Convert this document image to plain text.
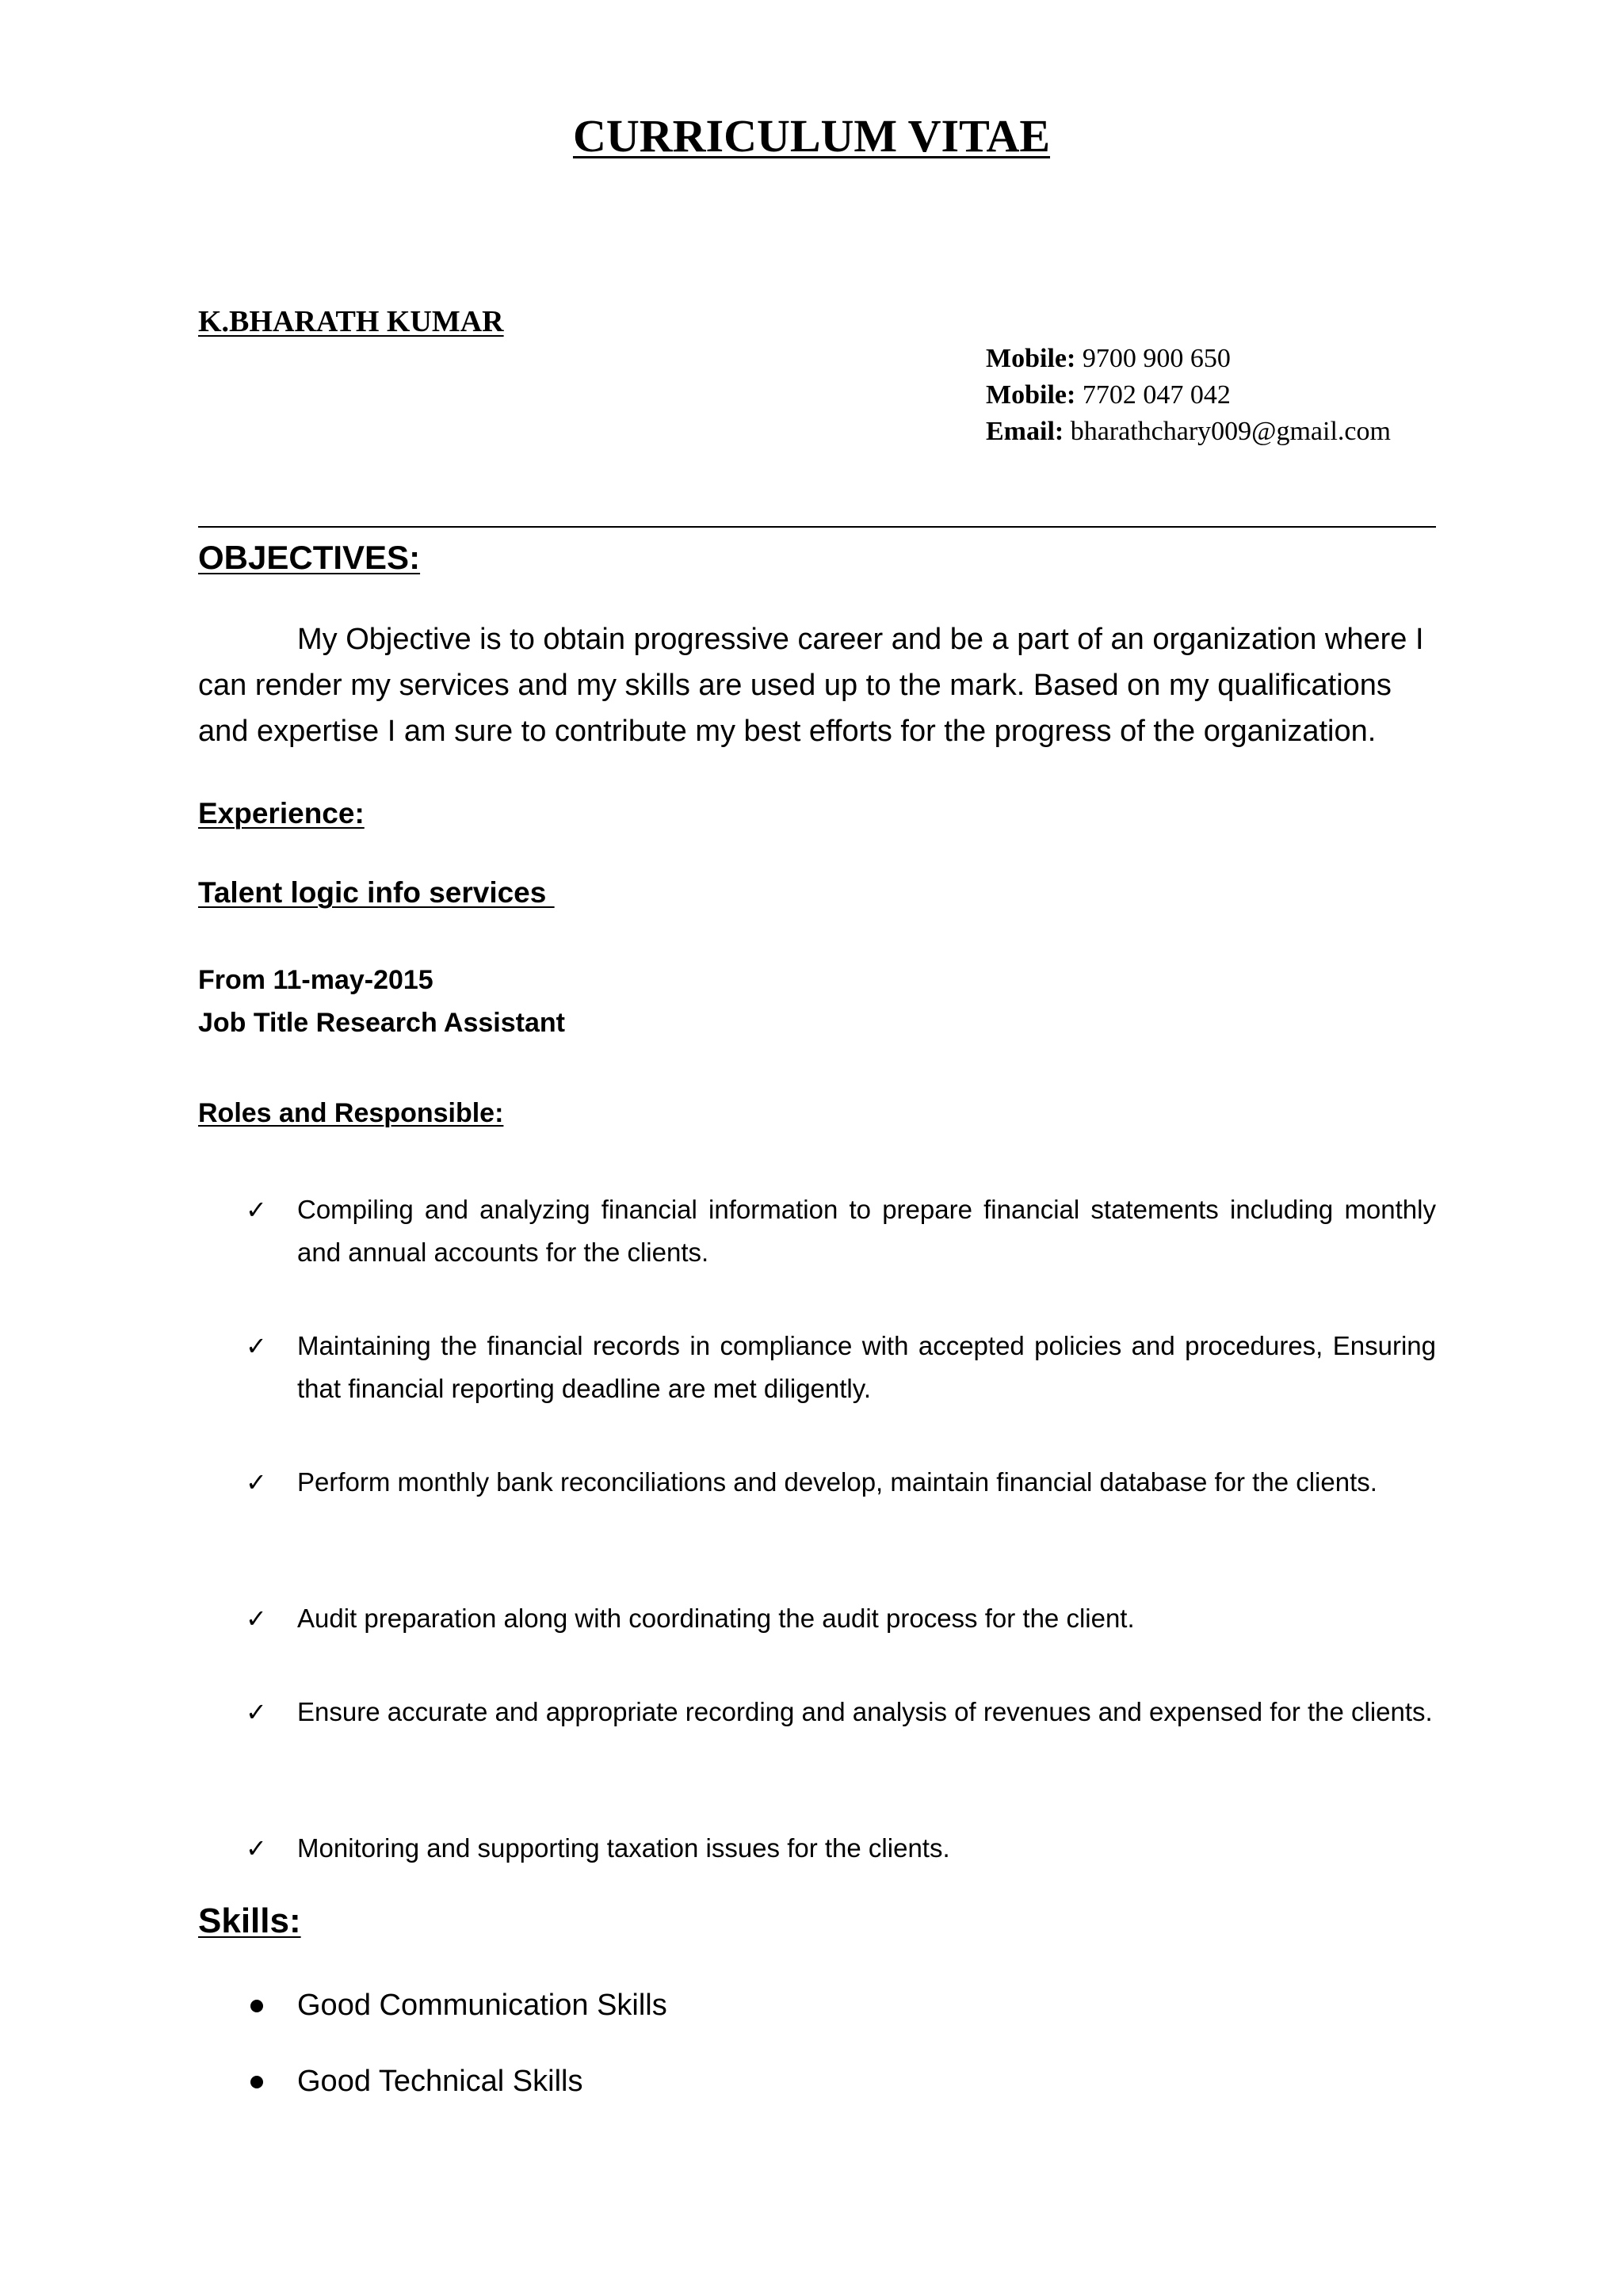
CURRICULUM VITAE
K.BHARATH KUMAR
Mobile: 9700 900 650
Mobile: 7702 047 042
Email: bharathchary009@gmail.com
OBJECTIVES:
My Objective is to obtain progressive career and be a part of an organization where I can render my services and my skills are used up to the mark. Based on my qualifications and expertise I am sure to contribute my best efforts for the progress of the organization.
Experience:
Talent logic info services
From 11-may-2015
Job Title Research Assistant
Roles and Responsible:
✓ Compiling and analyzing financial information to prepare financial statements including monthly and annual accounts for the clients.
✓ Maintaining the financial records in compliance with accepted policies and procedures, Ensuring that financial reporting deadline are met diligently.
✓ Perform monthly bank reconciliations and develop, maintain financial database for the clients.
✓ Audit preparation along with coordinating the audit process for the client.
✓ Ensure accurate and appropriate recording and analysis of revenues and expensed for the clients.
✓ Monitoring and supporting taxation issues for the clients.
Skills:
Good Communication Skills
Good Technical Skills
